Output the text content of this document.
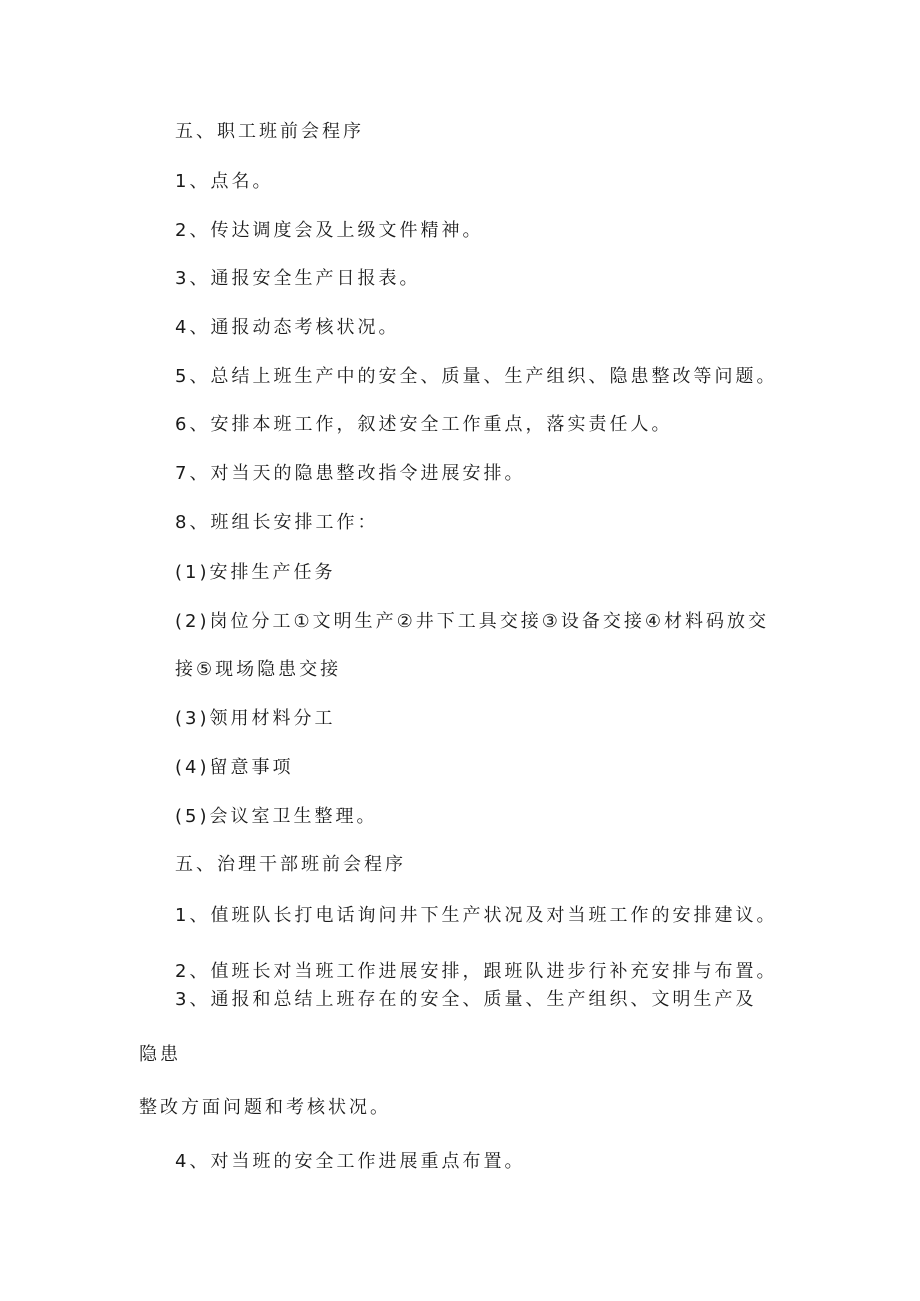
五、职工班前会程序

1、点名。

2、传达调度会及上级文件精神。

3、通报安全生产日报表。

4、通报动态考核状况。

5、总结上班生产中的安全、质量、生产组织、隐患整改等问题。

6、安排本班工作，叙述安全工作重点，落实责任人。

7、对当天的隐患整改指令进展安排。

8、班组长安排工作：

(1)安排生产任务

(2)岗位分工①文明生产②井下工具交接③设备交接④材料码放交

接⑤现场隐患交接

(3)领用材料分工

(4)留意事项

(5)会议室卫生整理。

五、治理干部班前会程序

1、值班队长打电话询问井下生产状况及对当班工作的安排建议。

2、值班长对当班工作进展安排，跟班队进步行补充安排与布置。

3、通报和总结上班存在的安全、质量、生产组织、文明生产及

隐患

整改方面问题和考核状况。

4、对当班的安全工作进展重点布置。
